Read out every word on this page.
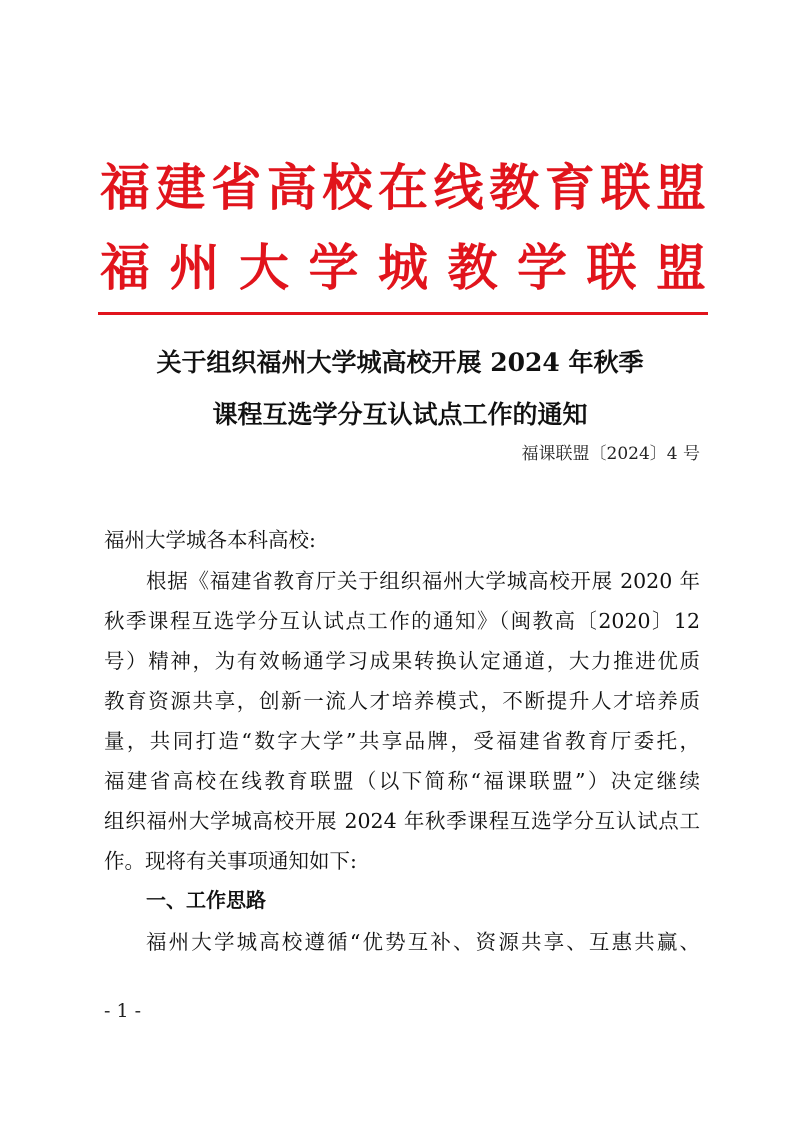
福建省高校在线教育联盟
福州大学城教学联盟
关于组织福州大学城高校开展 2024 年秋季
课程互选学分互认试点工作的通知
福课联盟〔2024〕4 号
福州大学城各本科高校:
根据《福建省教育厅关于组织福州大学城高校开展 2020 年
秋季课程互选学分互认试点工作的通知》（闽教高〔2020〕12
号）精神，为有效畅通学习成果转换认定通道，大力推进优质
教育资源共享，创新一流人才培养模式，不断提升人才培养质
量，共同打造“数字大学”共享品牌，受福建省教育厅委托，
福建省高校在线教育联盟（以下简称“福课联盟”）决定继续
组织福州大学城高校开展 2024 年秋季课程互选学分互认试点工
作。现将有关事项通知如下:
一、工作思路
福州大学城高校遵循“优势互补、资源共享、互惠共赢、
- 1 -
